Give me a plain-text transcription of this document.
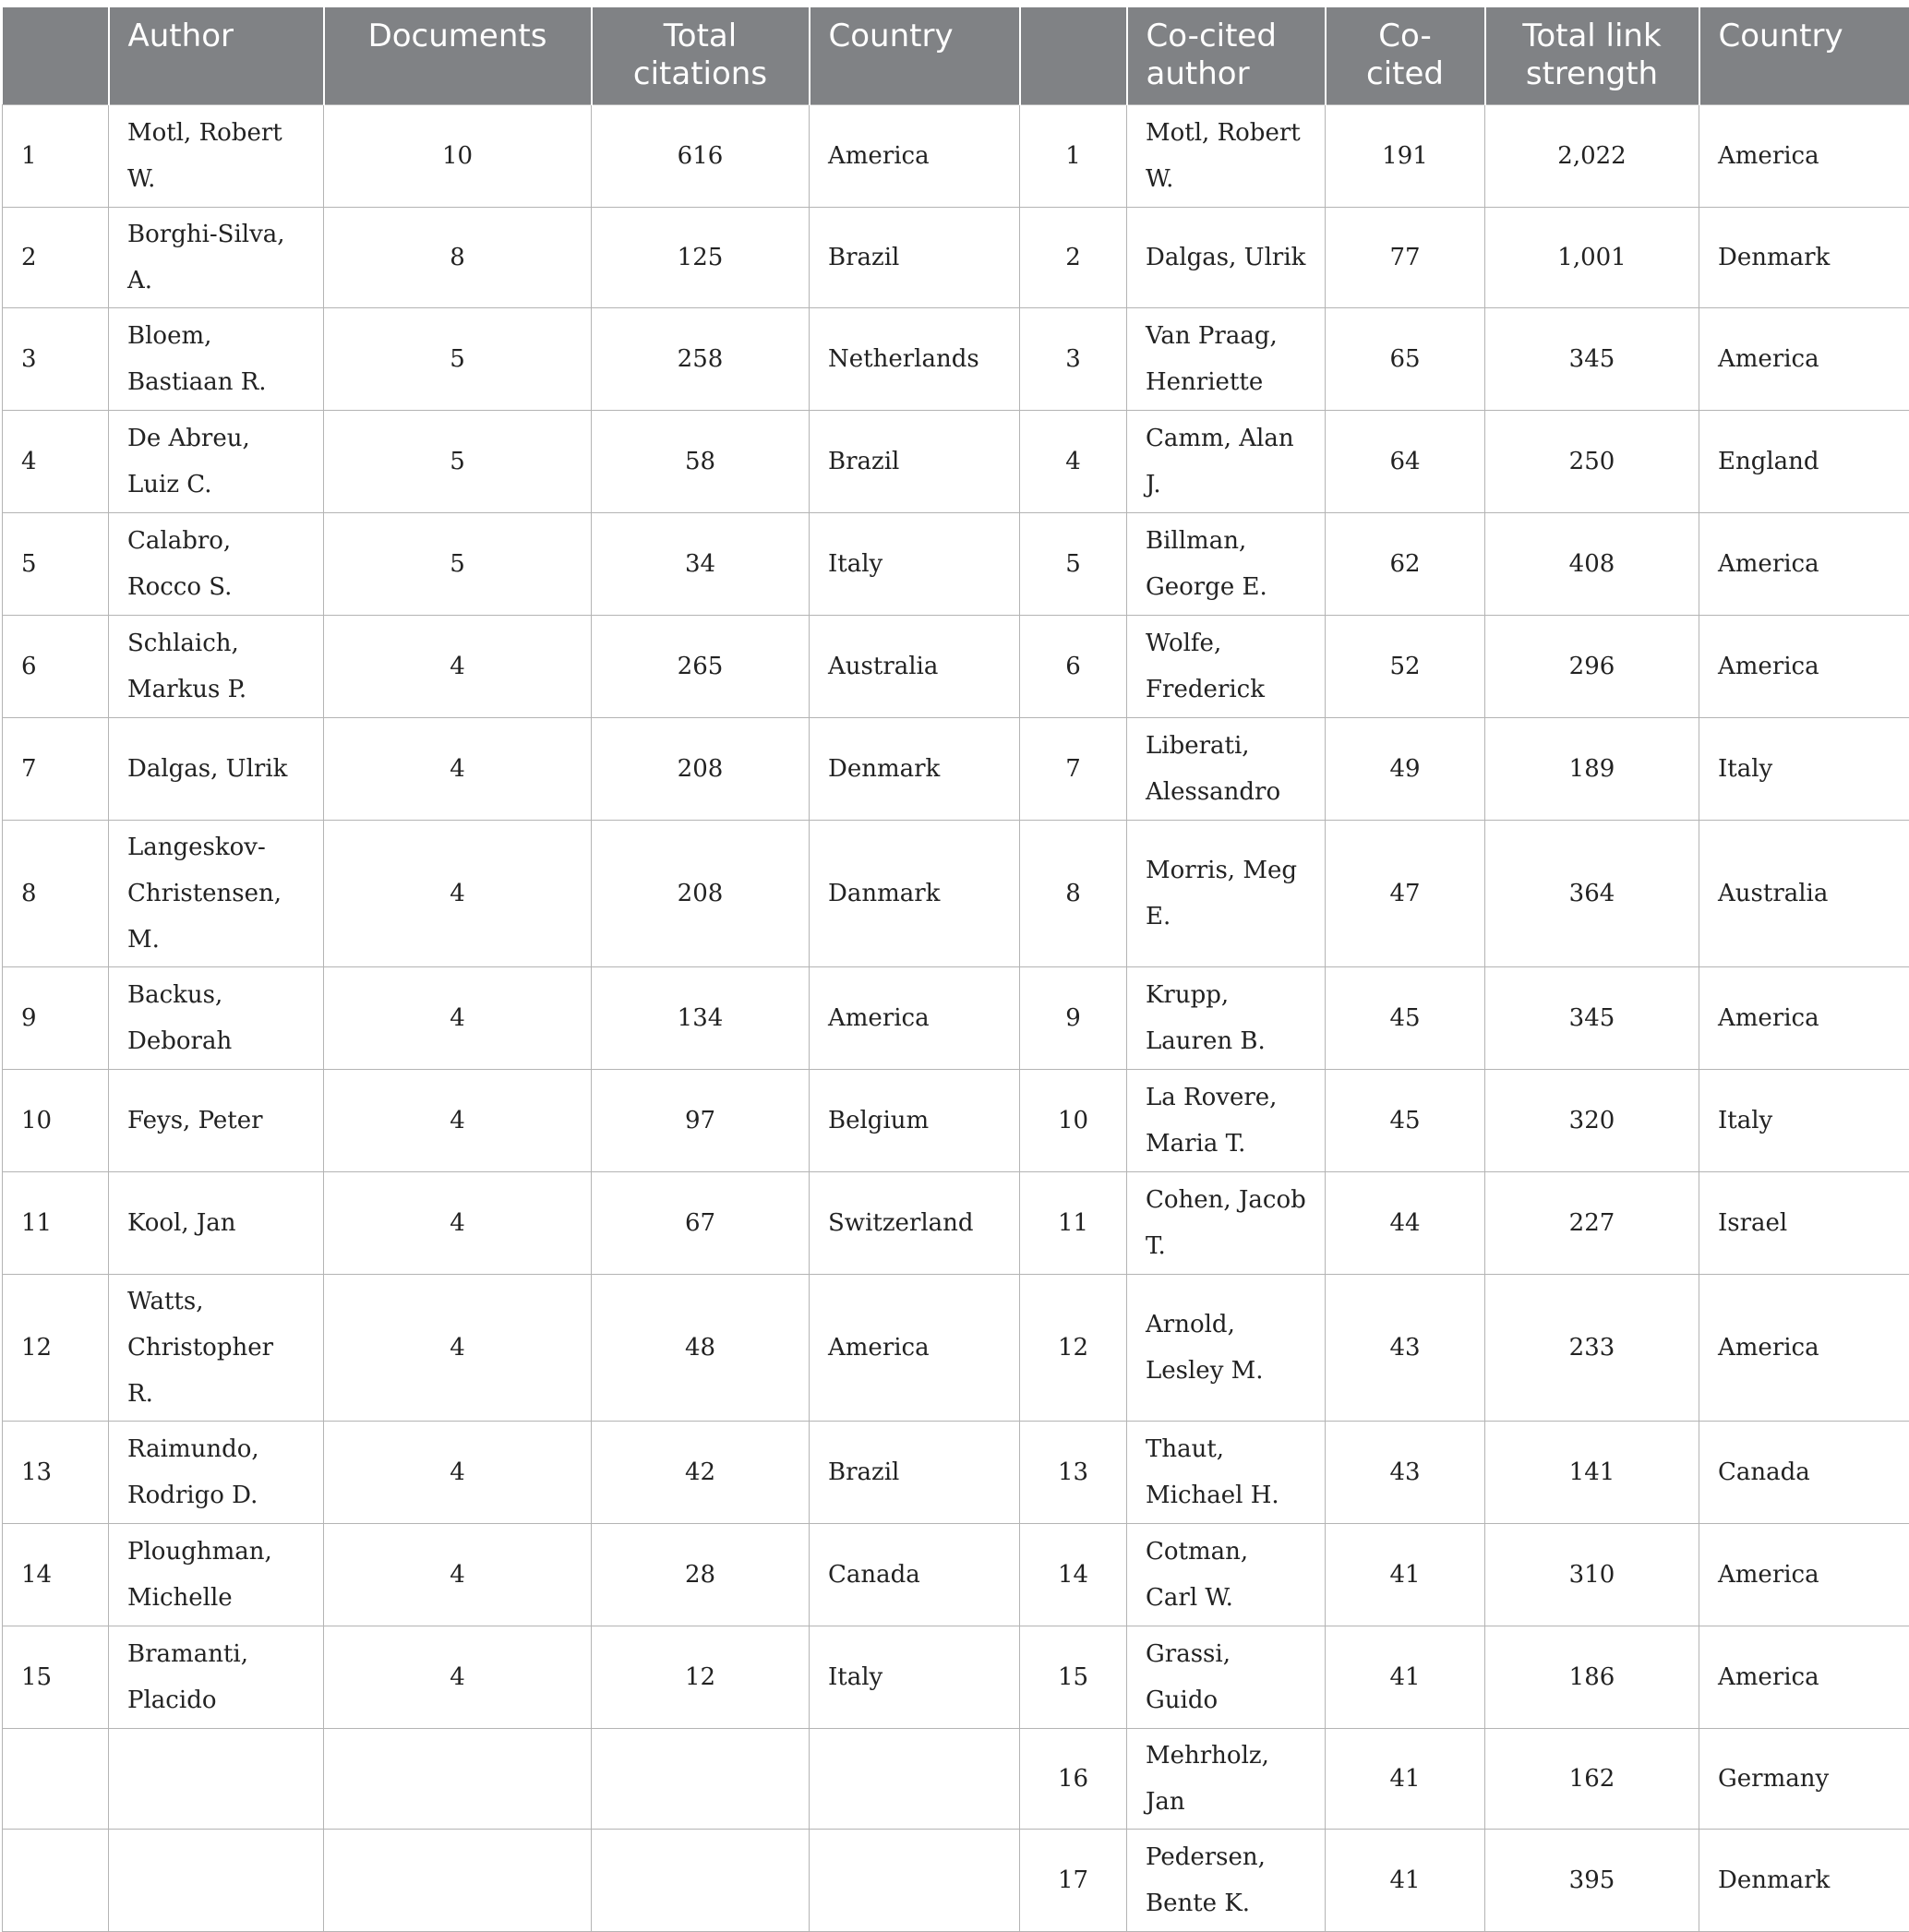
	Author	Documents	Total citations	Country		Co-cited author	Co-cited	Total link strength	Country
1	Motl, Robert W.	10	616	America	1	Motl, Robert W.	191	2,022	America
2	Borghi-Silva, A.	8	125	Brazil	2	Dalgas, Ulrik	77	1,001	Denmark
3	Bloem, Bastiaan R.	5	258	Netherlands	3	Van Praag, Henriette	65	345	America
4	De Abreu, Luiz C.	5	58	Brazil	4	Camm, Alan J.	64	250	England
5	Calabro, Rocco S.	5	34	Italy	5	Billman, George E.	62	408	America
6	Schlaich, Markus P.	4	265	Australia	6	Wolfe, Frederick	52	296	America
7	Dalgas, Ulrik	4	208	Denmark	7	Liberati, Alessandro	49	189	Italy
8	Langeskov-Christensen, M.	4	208	Danmark	8	Morris, Meg E.	47	364	Australia
9	Backus, Deborah	4	134	America	9	Krupp, Lauren B.	45	345	America
10	Feys, Peter	4	97	Belgium	10	La Rovere, Maria T.	45	320	Italy
11	Kool, Jan	4	67	Switzerland	11	Cohen, Jacob T.	44	227	Israel
12	Watts, Christopher R.	4	48	America	12	Arnold, Lesley M.	43	233	America
13	Raimundo, Rodrigo D.	4	42	Brazil	13	Thaut, Michael H.	43	141	Canada
14	Ploughman, Michelle	4	28	Canada	14	Cotman, Carl W.	41	310	America
15	Bramanti, Placido	4	12	Italy	15	Grassi, Guido	41	186	America
					16	Mehrholz, Jan	41	162	Germany
					17	Pedersen, Bente K.	41	395	Denmark
